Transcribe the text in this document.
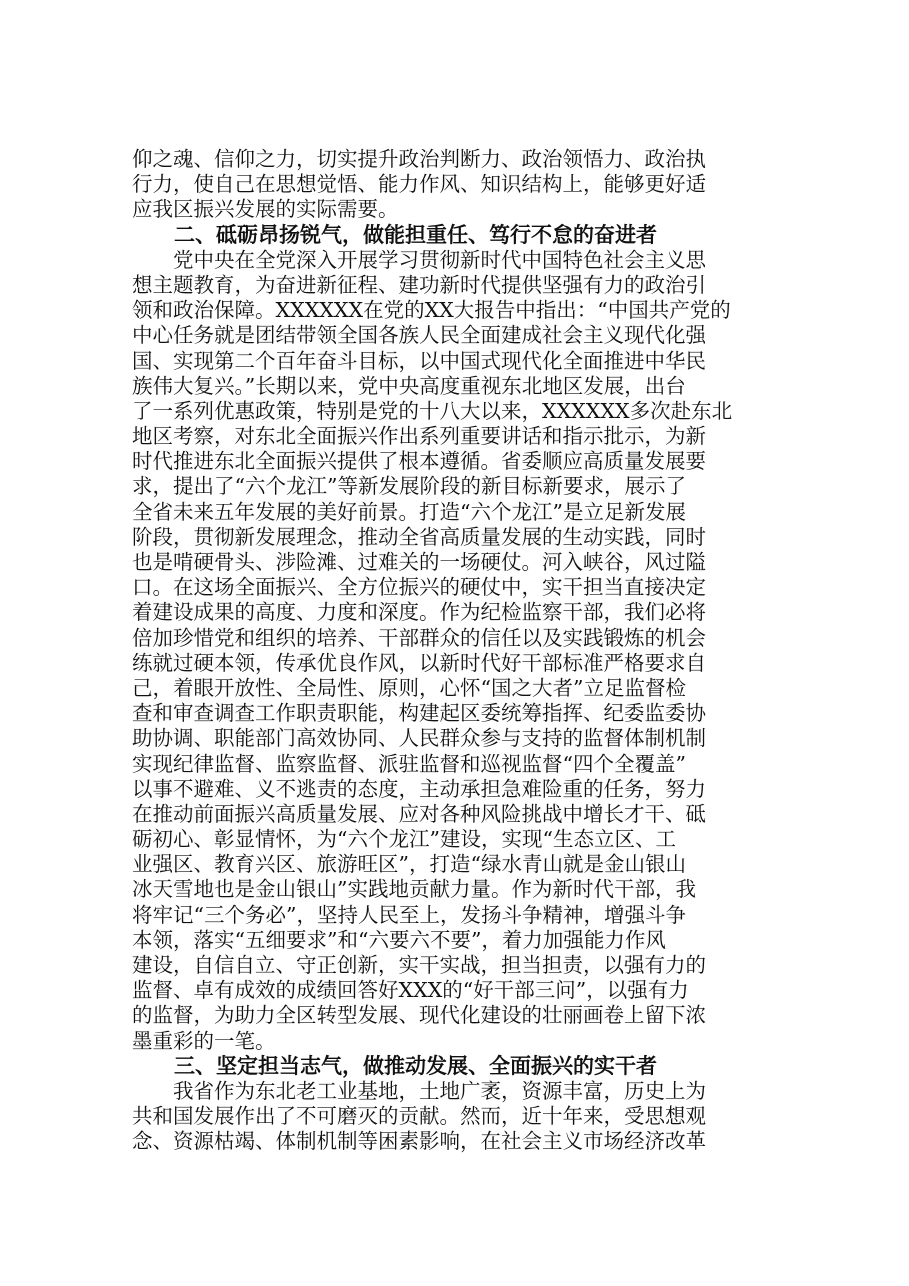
仰之魂、信仰之力，切实提升政治判断力、政治领悟力、政治执
行力，使自己在思想觉悟、能力作风、知识结构上，能够更好适
应我区振兴发展的实际需要。
　　二、砥砺昂扬锐气，做能担重任、笃行不怠的奋进者
　　党中央在全党深入开展学习贯彻新时代中国特色社会主义思
想主题教育，为奋进新征程、建功新时代提供坚强有力的政治引
领和政治保障。XXXXXX在党的XX大报告中指出：“中国共产党的
中心任务就是团结带领全国各族人民全面建成社会主义现代化强
国、实现第二个百年奋斗目标，以中国式现代化全面推进中华民
族伟大复兴。”长期以来，党中央高度重视东北地区发展，出台
了一系列优惠政策，特别是党的十八大以来，XXXXXX多次赴东北
地区考察，对东北全面振兴作出系列重要讲话和指示批示，为新
时代推进东北全面振兴提供了根本遵循。省委顺应高质量发展要
求，提出了“六个龙江”等新发展阶段的新目标新要求，展示了
全省未来五年发展的美好前景。打造“六个龙江”是立足新发展
阶段，贯彻新发展理念，推动全省高质量发展的生动实践，同时
也是啃硬骨头、涉险滩、过难关的一场硬仗。河入峡谷，风过隘
口。在这场全面振兴、全方位振兴的硬仗中，实干担当直接决定
着建设成果的高度、力度和深度。作为纪检监察干部，我们必将
倍加珍惜党和组织的培养、干部群众的信任以及实践锻炼的机会
练就过硬本领，传承优良作风，以新时代好干部标准严格要求自
己，着眼开放性、全局性、原则，心怀“国之大者”立足监督检
查和审查调查工作职责职能，构建起区委统筹指挥、纪委监委协
助协调、职能部门高效协同、人民群众参与支持的监督体制机制
实现纪律监督、监察监督、派驻监督和巡视监督“四个全覆盖”
以事不避难、义不逃责的态度，主动承担急难险重的任务，努力
在推动前面振兴高质量发展、应对各种风险挑战中增长才干、砥
砺初心、彰显情怀，为“六个龙江”建设，实现“生态立区、工
业强区、教育兴区、旅游旺区”，打造“绿水青山就是金山银山
冰天雪地也是金山银山”实践地贡献力量。作为新时代干部，我
将牢记“三个务必”，坚持人民至上，发扬斗争精神，增强斗争
本领，落实“五细要求”和“六要六不要”，着力加强能力作风
建设，自信自立、守正创新，实干实战，担当担责，以强有力的
监督、卓有成效的成绩回答好XXX的“好干部三问”，以强有力
的监督，为助力全区转型发展、现代化建设的壮丽画卷上留下浓
墨重彩的一笔。
　　三、坚定担当志气，做推动发展、全面振兴的实干者
　　我省作为东北老工业基地，土地广袤，资源丰富，历史上为
共和国发展作出了不可磨灭的贡献。然而，近十年来，受思想观
念、资源枯竭、体制机制等困素影响，在社会主义市场经济改革
